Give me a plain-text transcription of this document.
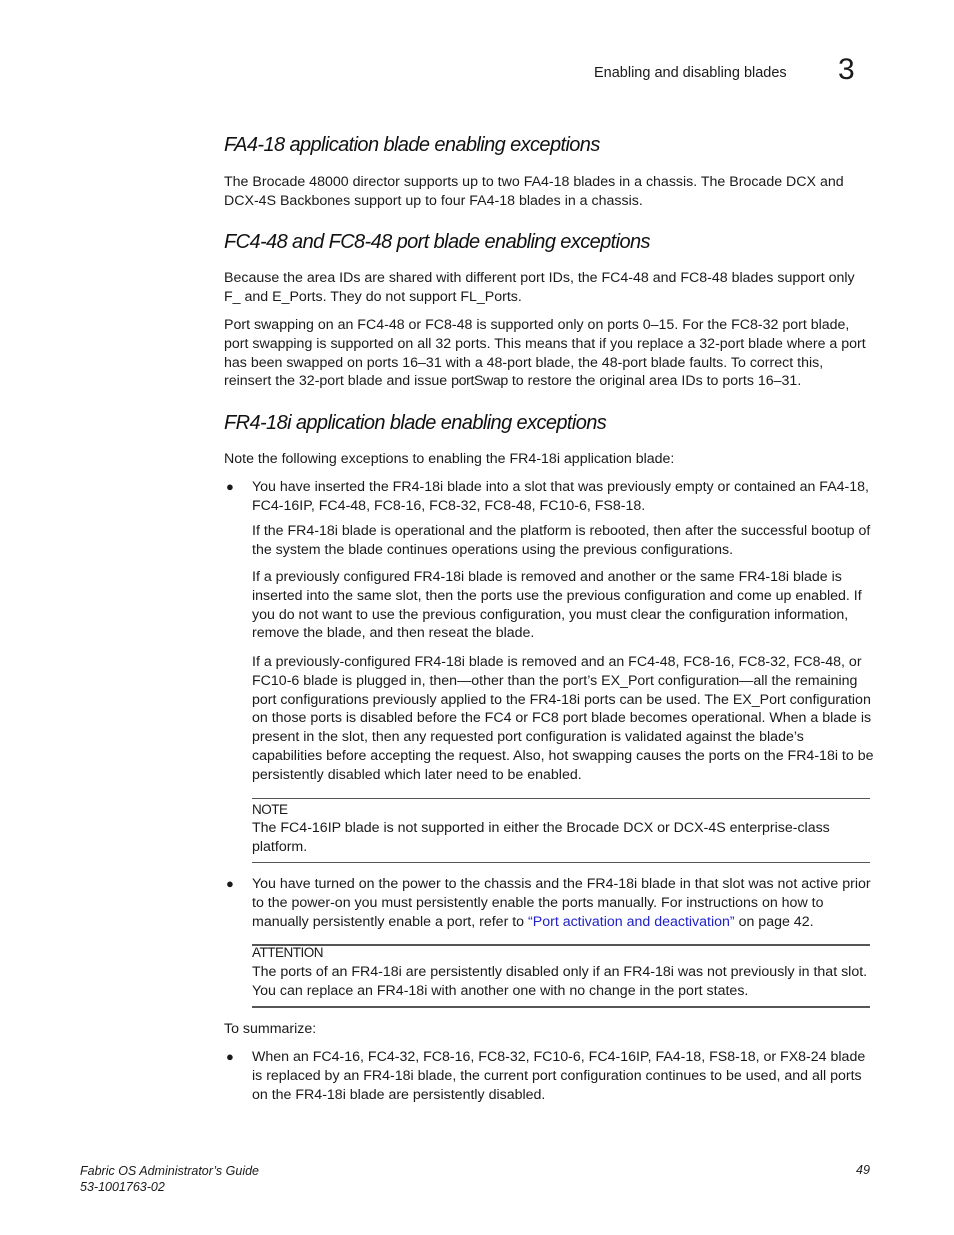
Enabling and disabling blades 3
FA4-18 application blade enabling exceptions
The Brocade 48000 director supports up to two FA4-18 blades in a chassis. The Brocade DCX and DCX-4S Backbones support up to four FA4-18 blades in a chassis.
FC4-48 and FC8-48 port blade enabling exceptions
Because the area IDs are shared with different port IDs, the FC4-48 and FC8-48 blades support only F_ and E_Ports. They do not support FL_Ports.
Port swapping on an FC4-48 or FC8-48 is supported only on ports 0–15. For the FC8-32 port blade, port swapping is supported on all 32 ports. This means that if you replace a 32-port blade where a port has been swapped on ports 16–31 with a 48-port blade, the 48-port blade faults. To correct this, reinsert the 32-port blade and issue portSwap to restore the original area IDs to ports 16–31.
FR4-18i application blade enabling exceptions
Note the following exceptions to enabling the FR4-18i application blade:
● You have inserted the FR4-18i blade into a slot that was previously empty or contained an FA4-18, FC4-16IP, FC4-48, FC8-16, FC8-32, FC8-48, FC10-6, FS8-18.
If the FR4-18i blade is operational and the platform is rebooted, then after the successful bootup of the system the blade continues operations using the previous configurations.
If a previously configured FR4-18i blade is removed and another or the same FR4-18i blade is inserted into the same slot, then the ports use the previous configuration and come up enabled. If you do not want to use the previous configuration, you must clear the configuration information, remove the blade, and then reseat the blade.
If a previously-configured FR4-18i blade is removed and an FC4-48, FC8-16, FC8-32, FC8-48, or FC10-6 blade is plugged in, then—other than the port’s EX_Port configuration—all the remaining port configurations previously applied to the FR4-18i ports can be used. The EX_Port configuration on those ports is disabled before the FC4 or FC8 port blade becomes operational. When a blade is present in the slot, then any requested port configuration is validated against the blade’s capabilities before accepting the request. Also, hot swapping causes the ports on the FR4-18i to be persistently disabled which later need to be enabled.
NOTE
The FC4-16IP blade is not supported in either the Brocade DCX or DCX-4S enterprise-class platform.
● You have turned on the power to the chassis and the FR4-18i blade in that slot was not active prior to the power-on you must persistently enable the ports manually. For instructions on how to manually persistently enable a port, refer to “Port activation and deactivation” on page 42.
ATTENTION
The ports of an FR4-18i are persistently disabled only if an FR4-18i was not previously in that slot. You can replace an FR4-18i with another one with no change in the port states.
To summarize:
● When an FC4-16, FC4-32, FC8-16, FC8-32, FC10-6, FC4-16IP, FA4-18, FS8-18, or FX8-24 blade is replaced by an FR4-18i blade, the current port configuration continues to be used, and all ports on the FR4-18i blade are persistently disabled.
Fabric OS Administrator’s Guide
53-1001763-02
49
